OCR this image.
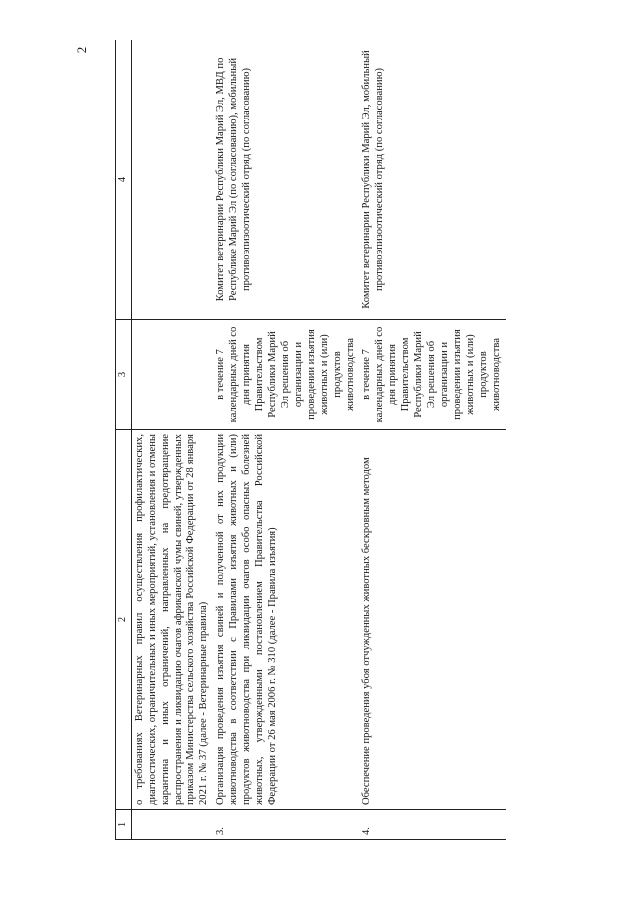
2
1	2	3	4
	о требованиях Ветеринарных правил осуществления профилактических, диагностических, ограничительных и иных мероприятий, установления и отмены карантина и иных ограничений, направленных на предотвращение распространения и ликвидацию очагов африканской чумы свиней, утвержденных приказом Министерства сельского хозяйства Российской Федерации от 28 января 2021 г. № 37 (далее - Ветеринарные правила)		
3.	Организация проведения изъятия свиней и полученной от них продукции животноводства в соответствии с Правилами изъятия животных и (или) продуктов животноводства при ликвидации очагов особо опасных болезней животных, утвержденными постановлением Правительства Российской Федерации от 26 мая 2006 г. № 310 (далее - Правила изъятия)	в течение 7 календарных дней со дня принятия Правительством Республики Марий Эл решения об организации и проведении изъятия животных и (или) продуктов животноводства	Комитет ветеринарии Республики Марий Эл, МВД по Республике Марий Эл (по согласованию), мобильный противоэпизоотический отряд (по согласованию)
4.	Обеспечение проведения убоя отчужденных животных бескровным методом	в течение 7 календарных дней со дня принятия Правительством Республики Марий Эл решения об организации и проведении изъятия животных и (или) продуктов животноводства	Комитет ветеринарии Республики Марий Эл, мобильный противоэпизоотический отряд (по согласованию)
